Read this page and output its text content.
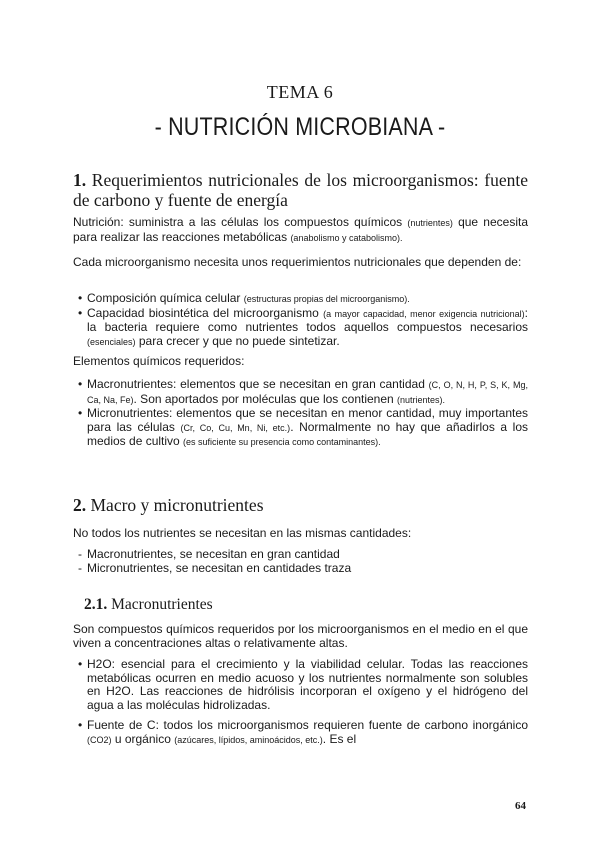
TEMA 6
- NUTRICIÓN MICROBIANA -
1. Requerimientos nutricionales de los microorganismos: fuente de carbono y fuente de energía
Nutrición: suministra a las células los compuestos químicos (nutrientes) que necesita para realizar las reacciones metabólicas (anabolismo y catabolismo).
Cada microorganismo necesita unos requerimientos nutricionales que dependen de:
• Composición química celular (estructuras propias del microorganismo).
• Capacidad biosintética del microorganismo (a mayor capacidad, menor exigencia nutricional): la bacteria requiere como nutrientes todos aquellos compuestos necesarios (esenciales) para crecer y que no puede sintetizar.
Elementos químicos requeridos:
• Macronutrientes: elementos que se necesitan en gran cantidad (C, O, N, H, P, S, K, Mg, Ca, Na, Fe). Son aportados por moléculas que los contienen (nutrientes).
• Micronutrientes: elementos que se necesitan en menor cantidad, muy importantes para las células (Cr, Co, Cu, Mn, Ni, etc.). Normalmente no hay que añadirlos a los medios de cultivo (es suficiente su presencia como contaminantes).
2. Macro y micronutrientes
No todos los nutrientes se necesitan en las mismas cantidades:
- Macronutrientes, se necesitan en gran cantidad
- Micronutrientes, se necesitan en cantidades traza
2.1. Macronutrientes
Son compuestos químicos requeridos por los microorganismos en el medio en el que viven a concentraciones altas o relativamente altas.
• H2O: esencial para el crecimiento y la viabilidad celular. Todas las reacciones metabólicas ocurren en medio acuoso y los nutrientes normalmente son solubles en H2O. Las reacciones de hidrólisis incorporan el oxígeno y el hidrógeno del agua a las moléculas hidrolizadas.
• Fuente de C: todos los microorganismos requieren fuente de carbono inorgánico (CO2) u orgánico (azúcares, lípidos, aminoácidos, etc.). Es el
64
